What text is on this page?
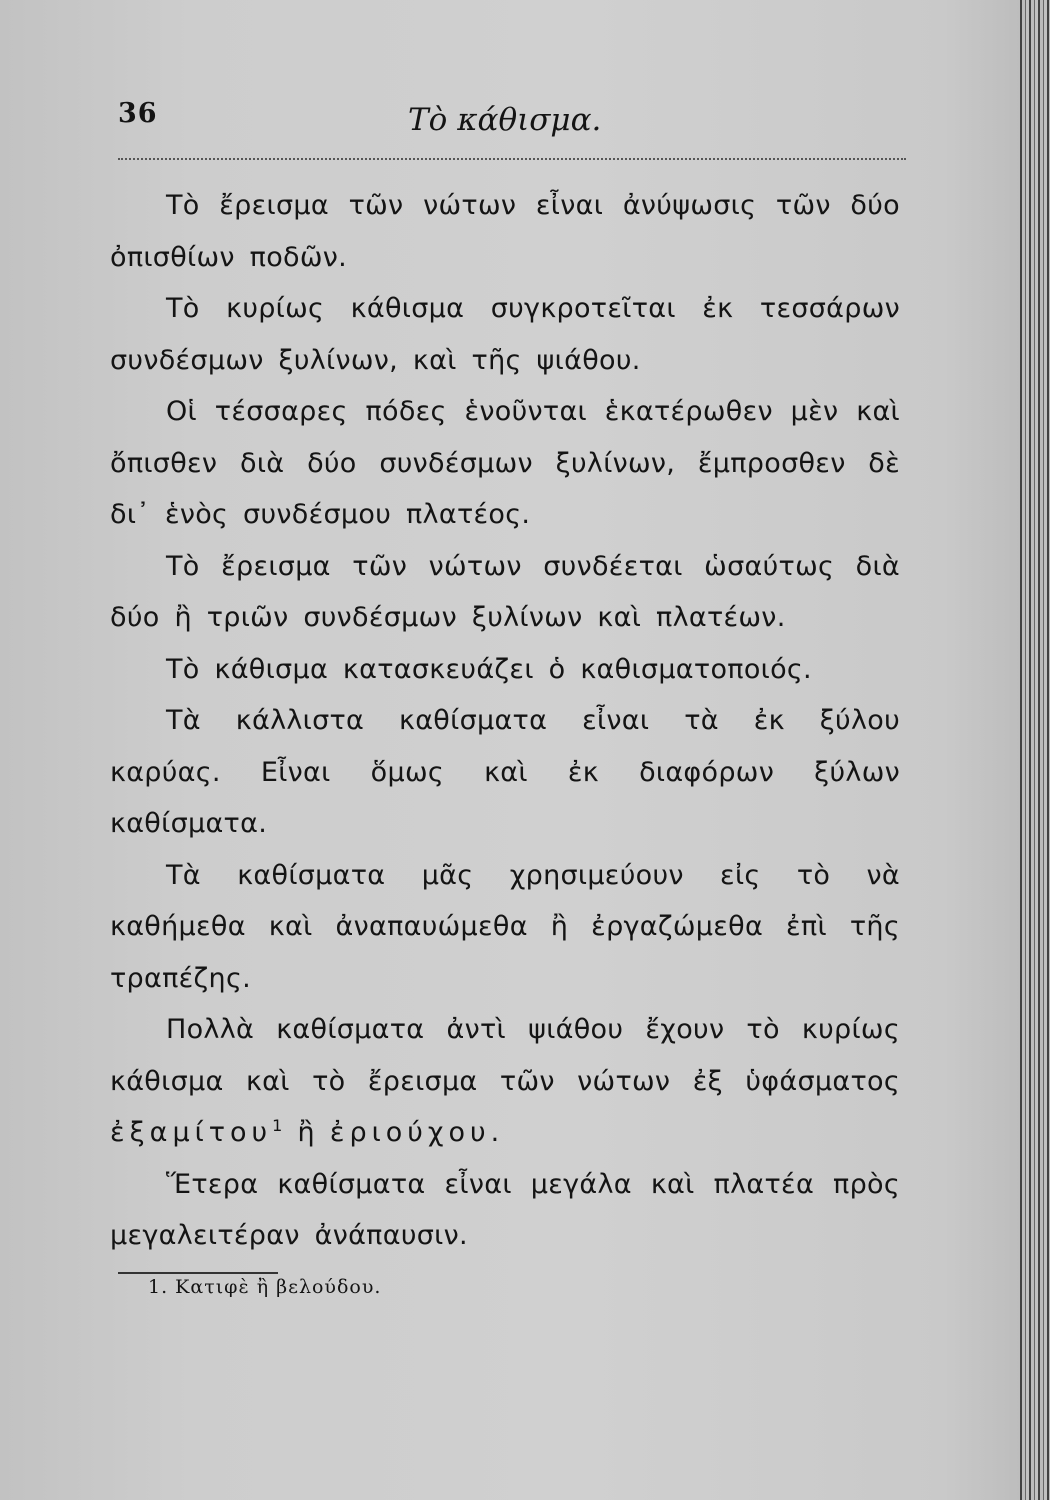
36	Τὸ κάθισμα.

Τὸ ἔρεισμα τῶν νώτων εἶναι ἀνύψωσις τῶν δύο ὀπισθίων ποδῶν.

Τὸ κυρίως κάθισμα συγκροτεῖται ἐκ τεσσάρων συνδέσμων ξυλίνων, καὶ τῆς ψιάθου.

Οἱ τέσσαρες πόδες ἑνοῦνται ἑκατέρωθεν μὲν καὶ ὄπισθεν διὰ δύο συνδέσμων ξυλίνων, ἔμπροσθεν δὲ δι᾽ ἑνὸς συνδέσμου πλατέος.

Τὸ ἔρεισμα τῶν νώτων συνδέεται ὡσαύτως διὰ δύο ἢ τριῶν συνδέσμων ξυλίνων καὶ πλατέων.

Τὸ κάθισμα κατασκευάζει ὁ καθισματοποιός.

Τὰ κάλλιστα καθίσματα εἶναι τὰ ἐκ ξύλου καρύας. Εἶναι ὅμως καὶ ἐκ διαφόρων ξύλων καθίσματα.

Τὰ καθίσματα μᾶς χρησιμεύουν εἰς τὸ νὰ καθήμεθα καὶ ἀναπαυώμεθα ἢ ἐργαζώμεθα ἐπὶ τῆς τραπέζης.

Πολλὰ καθίσματα ἀντὶ ψιάθου ἔχουν τὸ κυρίως κάθισμα καὶ τὸ ἔρεισμα τῶν νώτων ἐξ ὑφάσματος ἐξαμίτου$^1$ ἢ ἐριούχου.

Ἕτερα καθίσματα εἶναι μεγάλα καὶ πλατέα πρὸς μεγαλειτέραν ἀνάπαυσιν.

1. Κατιφὲ ἢ βελούδου.
